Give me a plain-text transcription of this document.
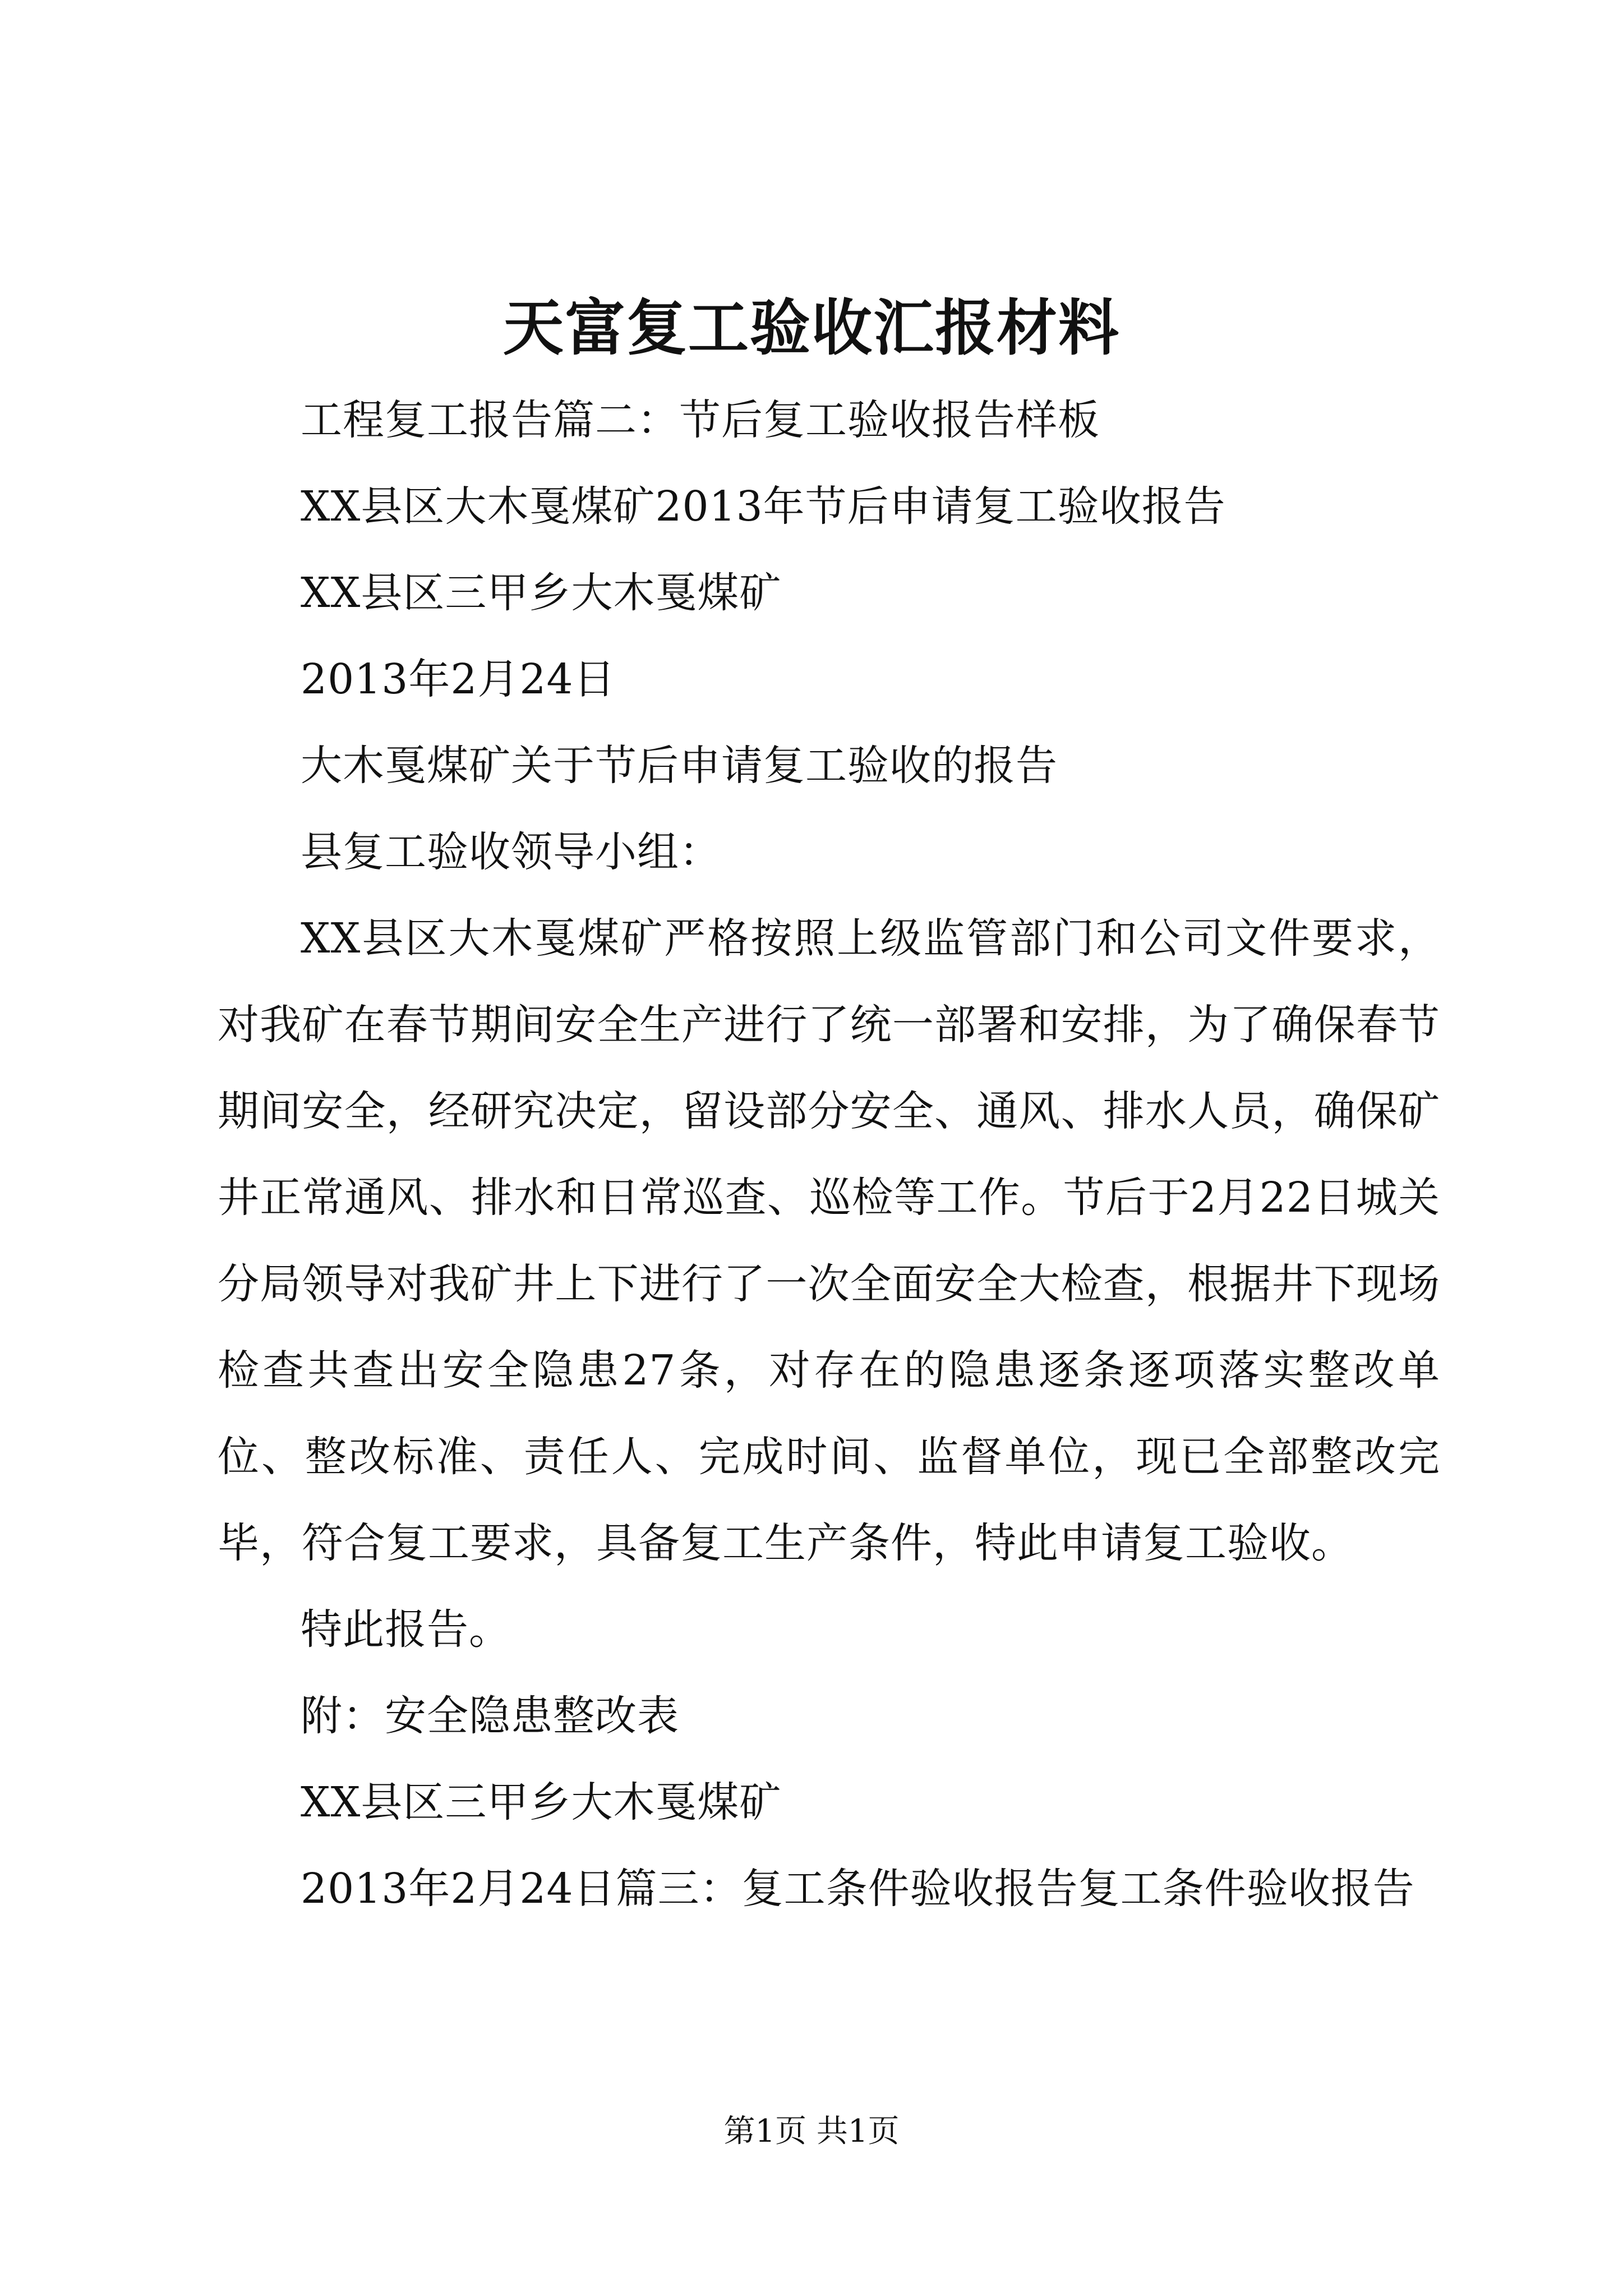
天富复工验收汇报材料

工程复工报告篇二：节后复工验收报告样板

XX县区大木戛煤矿2013年节后申请复工验收报告

XX县区三甲乡大木戛煤矿

2013年2月24日

大木戛煤矿关于节后申请复工验收的报告

县复工验收领导小组：

XX县区大木戛煤矿严格按照上级监管部门和公司文件要求，对我矿在春节期间安全生产进行了统一部署和安排，为了确保春节期间安全，经研究决定，留设部分安全、通风、排水人员，确保矿井正常通风、排水和日常巡查、巡检等工作。节后于2月22日城关分局领导对我矿井上下进行了一次全面安全大检查，根据井下现场检查共查出安全隐患27条，对存在的隐患逐条逐项落实整改单位、整改标准、责任人、完成时间、监督单位，现已全部整改完毕，符合复工要求，具备复工生产条件，特此申请复工验收。

特此报告。

附：安全隐患整改表

XX县区三甲乡大木戛煤矿

2013年2月24日篇三：复工条件验收报告复工条件验收报告

第1页 共1页
